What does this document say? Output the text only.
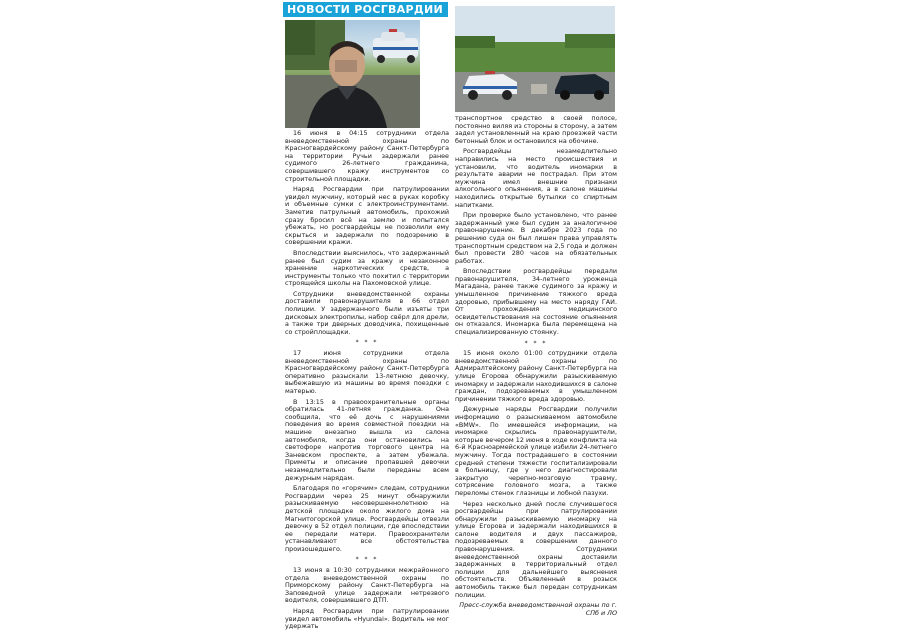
НОВОСТИ РОСГВАРДИИ

16 июня в 04:15 сотрудники отдела вневедомственной охраны по Красногвардейскому району Санкт-Петербурга на территории Ручьи задержали ранее судимого 26-летнего гражданина, совершившего кражу инструментов со строительной площадки.

Наряд Росгвардии при патрулировании увидел мужчину, который нес в руках коробку и объемные сумки с электроинструментами. Заметив патрульный автомобиль, прохожий сразу бросил всё на землю и попытался убежать, но росгвардейцы не позволили ему скрыться и задержали по подозрению в совершении кражи.

Впоследствии выяснилось, что задержанный ранее был судим за кражу и незаконное хранение наркотических средств, а инструменты только что похитил с территории строящейся школы на Пахомовской улице.

Сотрудники вневедомственной охраны доставили правонарушителя в 66 отдел полиции. У задержанного были изъяты три дисковых электропилы, набор свёрл для дрели, а также три дверных доводчика, похищенные со стройплощадки.

* * *

17 июня сотрудники отдела вневедомственной охраны по Красногвардейскому району Санкт-Петербурга оперативно разыскали 13-летнюю девочку, выбежавшую из машины во время поездки с матерью.

В 13:15 в правоохранительные органы обратилась 41-летняя гражданка. Она сообщила, что её дочь с нарушениями поведения во время совместной поездки на машине внезапно вышла из салона автомобиля, когда они остановились на светофоре напротив торгового центра на Заневском проспекте, а затем убежала. Приметы и описание пропавшей девочки незамедлительно были переданы всем дежурным нарядам.

Благодаря по «горячим» следам, сотрудники Росгвардии через 25 минут обнаружили разыскиваемую несовершеннолетнюю на детской площадке около жилого дома на Магнитогорской улице. Росгвардейцы отвезли девочку в 52 отдел полиции, где впоследствии ее передали матери. Правоохранители устанавливают все обстоятельства произошедшего.

* * *

13 июня в 10:30 сотрудники межрайонного отдела вневедомственной охраны по Приморскому району Санкт-Петербурга на Заповедной улице задержали нетрезвого водителя, совершившего ДТП.

Наряд Росгвардии при патрулировании увидел автомобиль «Hyundai». Водитель не мог удержать

транспортное средство в своей полосе, постоянно виляя из стороны в сторону, а затем задел установленный на краю проезжей части бетонный блок и остановился на обочине.

Росгвардейцы незамедлительно направились на место происшествия и установили, что водитель иномарки в результате аварии не пострадал. При этом мужчина имел внешние признаки алкогольного опьянения, а в салоне машины находились открытые бутылки со спиртным напитками.

При проверке было установлено, что ранее задержанный уже был судим за аналогичное правонарушение. В декабре 2023 года по решению суда он был лишен права управлять транспортным средством на 2,5 года и должен был провести 280 часов на обязательных работах.

Впоследствии росгвардейцы передали правонарушителя, 34-летнего уроженца Магадана, ранее также судимого за кражу и умышленное причинение тяжкого вреда здоровью, прибывшему на место наряду ГАИ. От прохождения медицинского освидетельствования на состояние опьянения он отказался. Иномарка была перемещена на специализированную стоянку.

* * *

15 июня около 01:00 сотрудники отдела вневедомственной охраны по Адмиралтейскому району Санкт-Петербурга на улице Егорова обнаружили разыскиваемую иномарку и задержали находившихся в салоне граждан, подозреваемых в умышленном причинении тяжкого вреда здоровью.

Дежурные наряды Росгвардии получили информацию о разыскиваемом автомобиле «BMW». По имевшейся информации, на иномарке скрылись правонарушители, которые вечером 12 июня в ходе конфликта на 6-й Красноармейской улице избили 24-летнего мужчину. Тогда пострадавшего в состоянии средней степени тяжести госпитализировали в больницу, где у него диагностировали закрытую черепно-мозговую травму, сотрясение головного мозга, а также переломы стенок глазницы и лобной пазухи.

Через несколько дней после случившегося росгвардейцы при патрулировании обнаружили разыскиваемую иномарку на улице Егорова и задержали находившихся в салоне водителя и двух пассажиров, подозреваемых в совершении данного правонарушения. Сотрудники вневедомственной охраны доставили задержанных в территориальный отдел полиции для дальнейшего выяснения обстоятельств. Объявленный в розыск автомобиль также был передан сотрудникам полиции.

Пресс-служба вневедомственной охраны по г. СПб и ЛО
